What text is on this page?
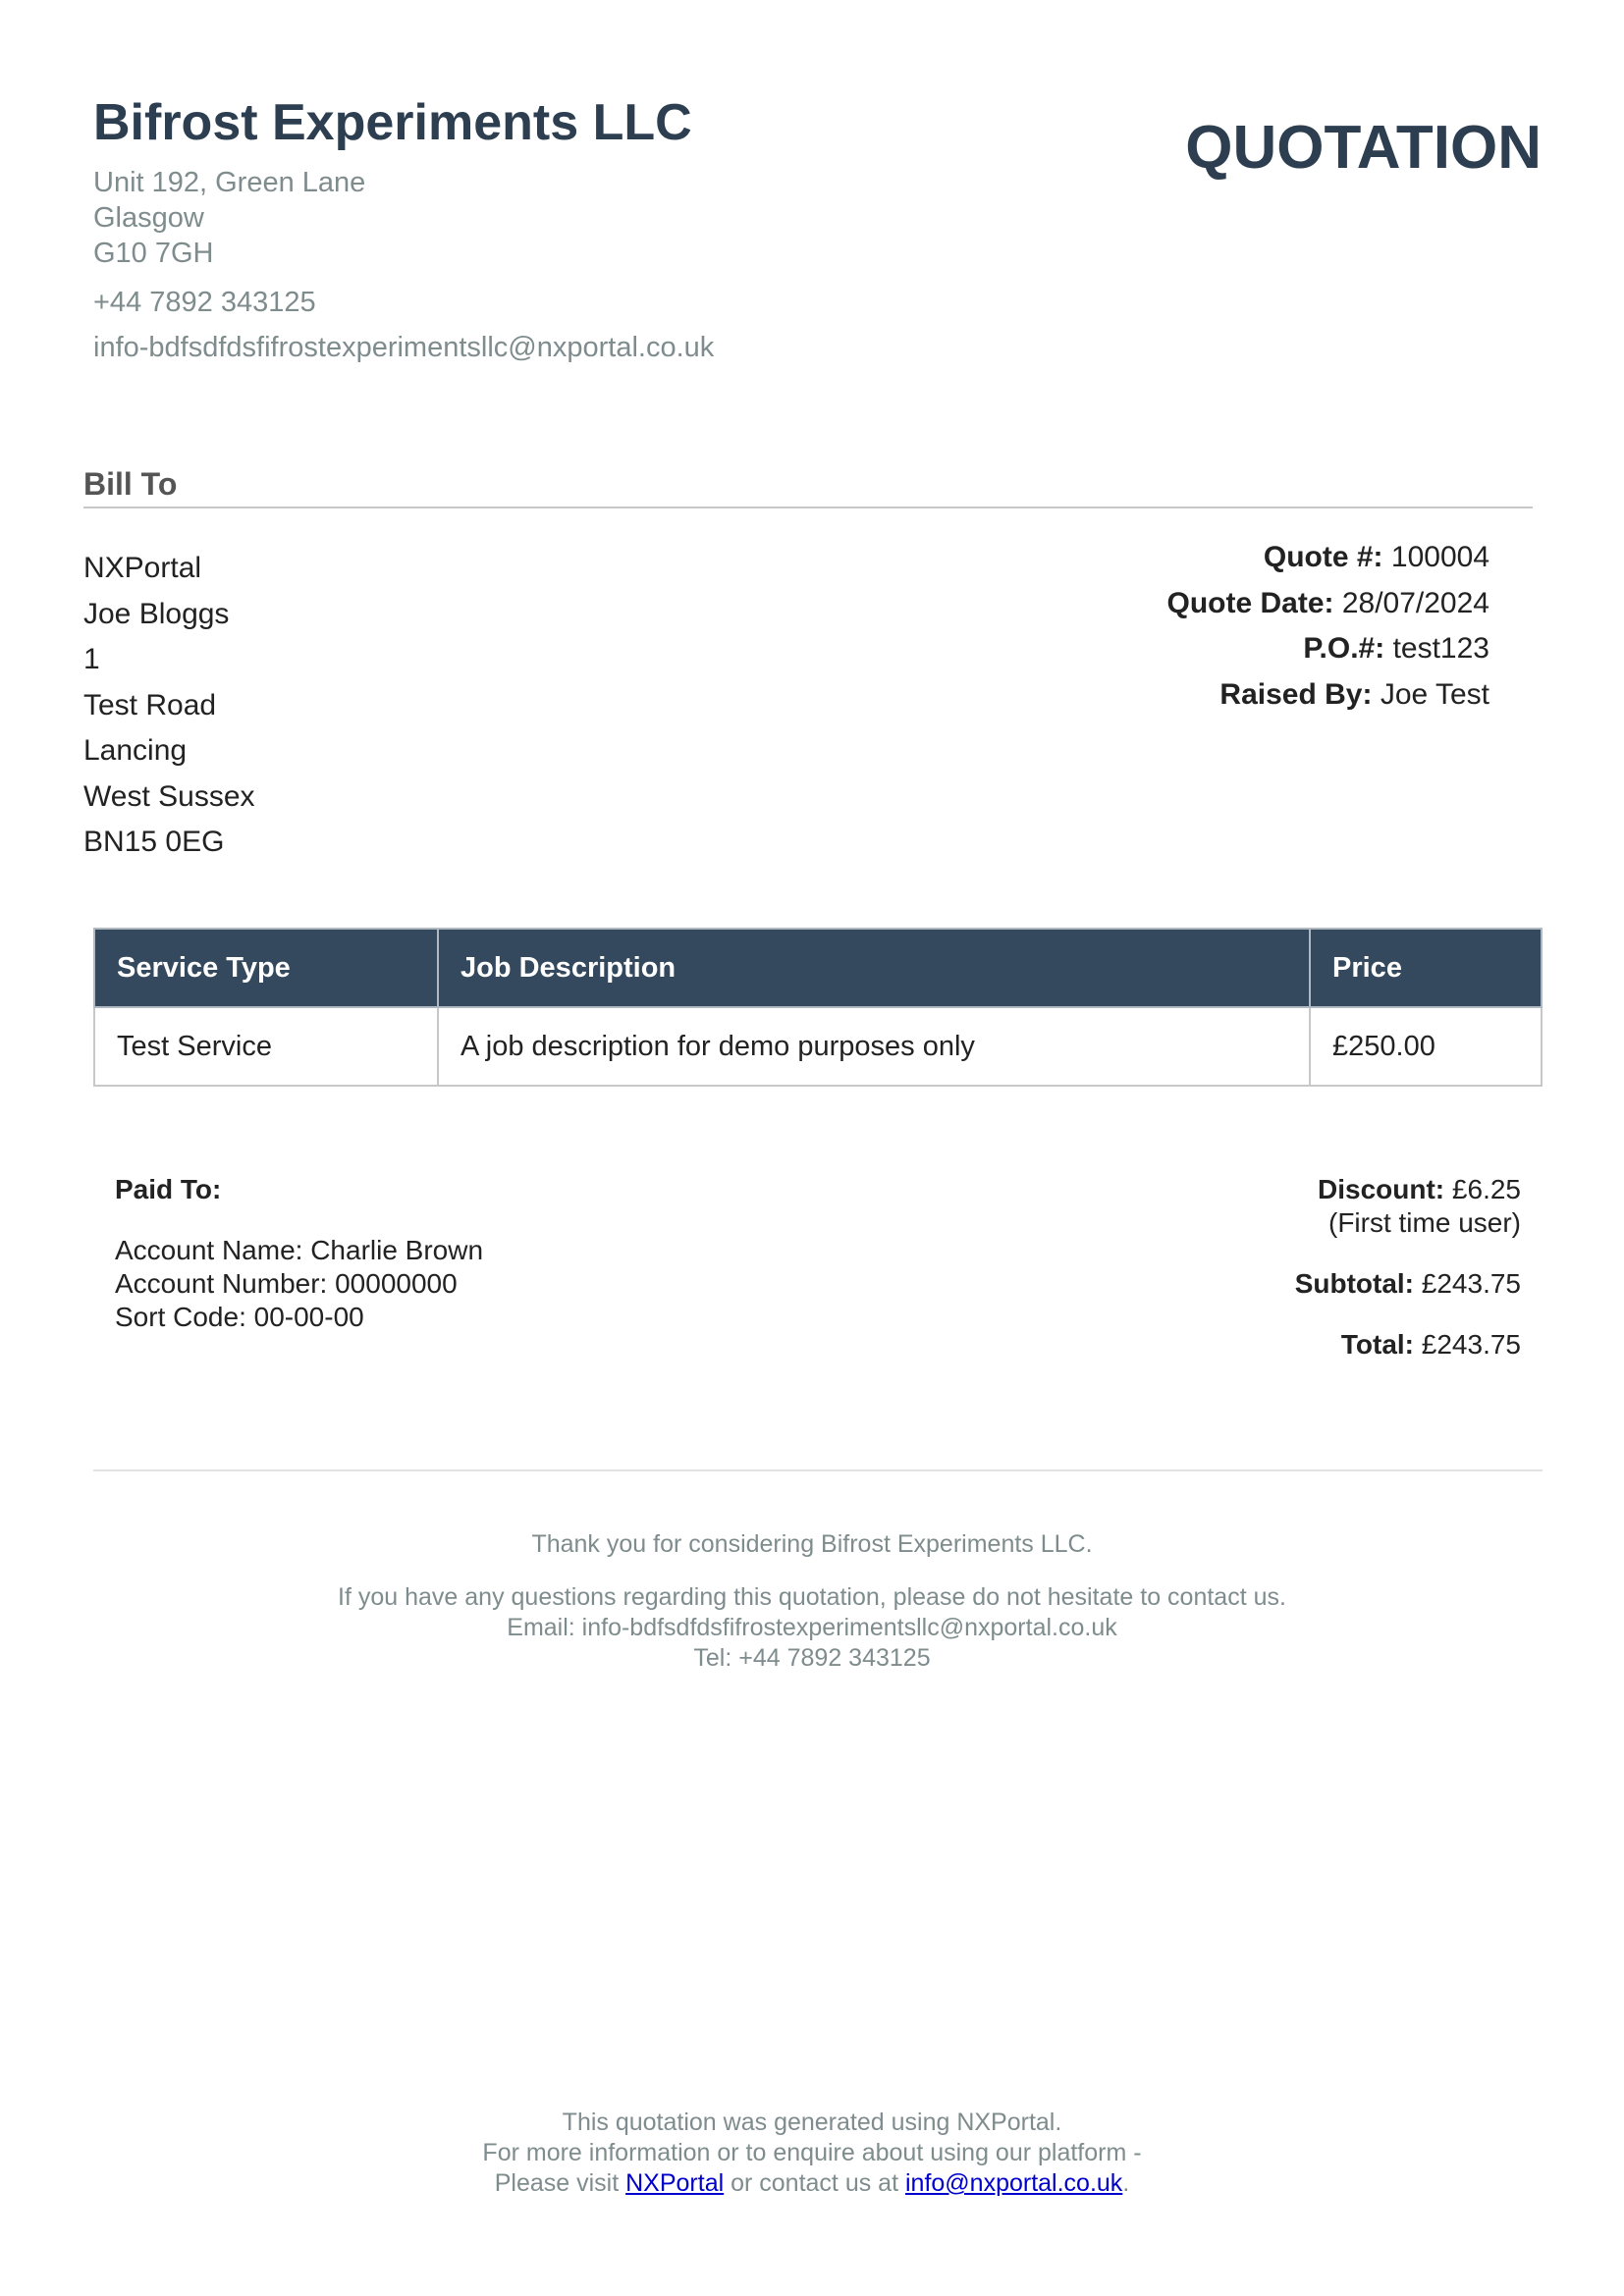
Bifrost Experiments LLC	QUOTATION
Unit 192, Green Lane
Glasgow
G10 7GH
+44 7892 343125
info-bdfsdfdsfifrostexperimentsllc@nxportal.co.uk
Bill To
NXPortal
Joe Bloggs
1
Test Road
Lancing
West Sussex
BN15 0EG
Quote #: 100004
Quote Date: 28/07/2024
P.O.#: test123
Raised By: Joe Test
Service Type	Job Description	Price
Test Service	A job description for demo purposes only	£250.00
Paid To:
Account Name: Charlie Brown
Account Number: 00000000
Sort Code: 00-00-00
Discount: £6.25
(First time user)
Subtotal: £243.75
Total: £243.75
Thank you for considering Bifrost Experiments LLC.
If you have any questions regarding this quotation, please do not hesitate to contact us.
Email: info-bdfsdfdsfifrostexperimentsllc@nxportal.co.uk
Tel: +44 7892 343125
This quotation was generated using NXPortal.
For more information or to enquire about using our platform -
Please visit NXPortal or contact us at info@nxportal.co.uk.
